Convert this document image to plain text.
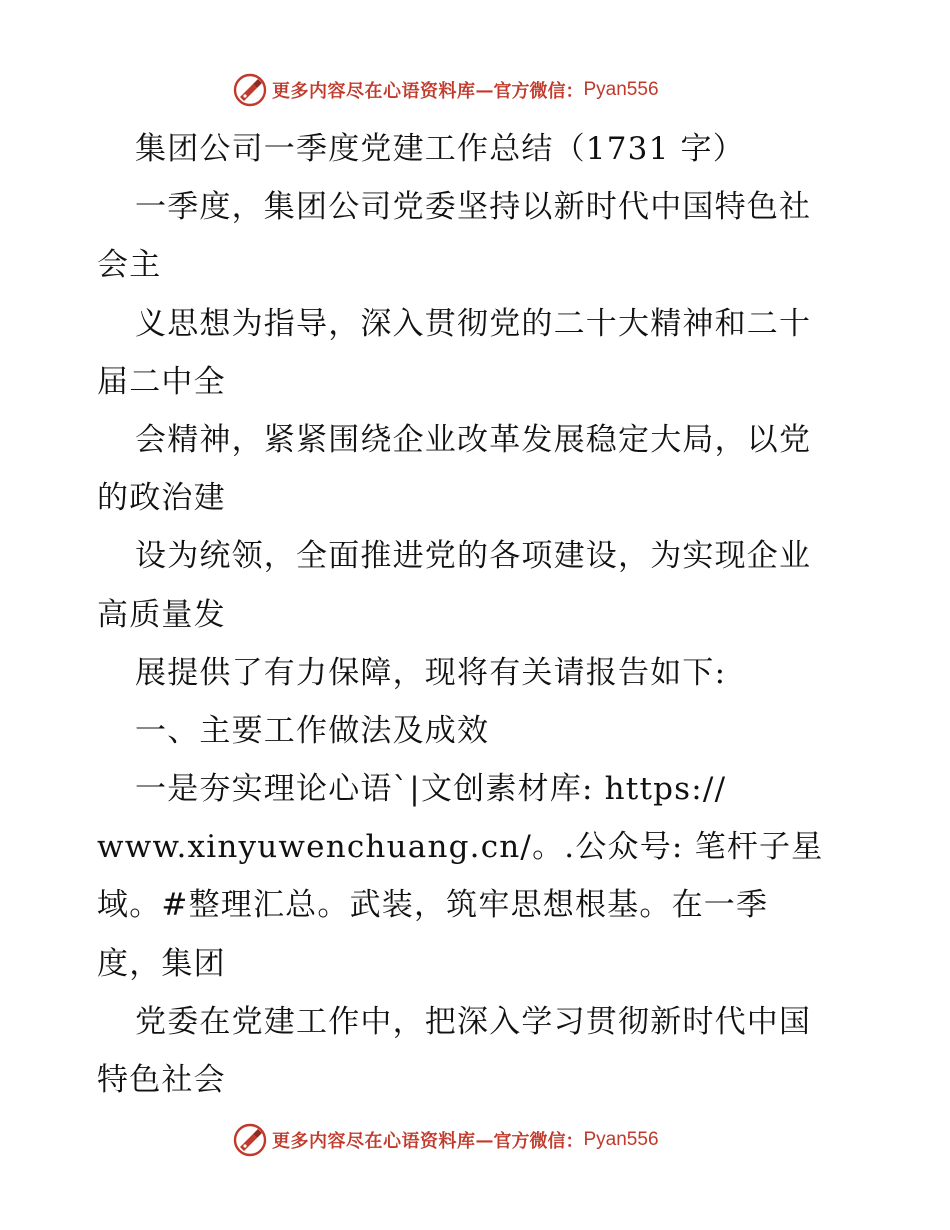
更多内容尽在心语资料库 — 官方微信： Pyan556
集团公司一季度党建工作总结（1731 字）
一季度，集团公司党委坚持以新时代中国特色社
会主
义思想为指导，深入贯彻党的二十大精神和二十
届二中全
会精神，紧紧围绕企业改革发展稳定大局，以党
的政治建
设为统领，全面推进党的各项建设，为实现企业
高质量发
展提供了有力保障，现将有关请报告如下:
一、主要工作做法及成效
一是夯实理论心语`|文创素材库: https://
www.xinyuwenchuang.cn/。.公众号: 笔杆子星
域。#整理汇总。武装，筑牢思想根基。在一季
度，集团
党委在党建工作中，把深入学习贯彻新时代中国
特色社会
更多内容尽在心语资料库 — 官方微信： Pyan556
